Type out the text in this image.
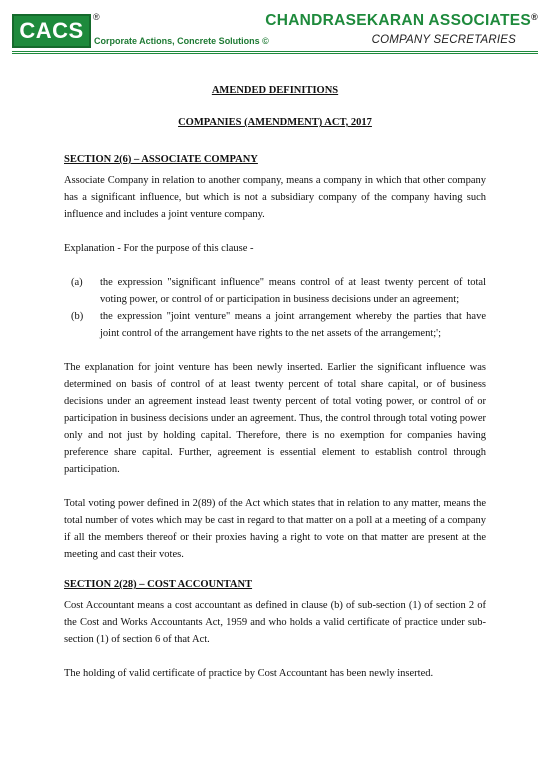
CACS
®
Corporate Actions, Concrete Solutions ©
CHANDRASEKARAN ASSOCIATES®
COMPANY SECRETARIES
AMENDED DEFINITIONS
COMPANIES (AMENDMENT) ACT, 2017
SECTION 2(6) – ASSOCIATE COMPANY

Associate Company in relation to another company, means a company in which that other company has a significant influence, but which is not a subsidiary company of the company having such influence and includes a joint venture company.

Explanation - For the purpose of this clause -

(a) the expression "significant influence" means control of at least twenty percent of total voting power, or control of or participation in business decisions under an agreement;
(b) the expression "joint venture" means a joint arrangement whereby the parties that have joint control of the arrangement have rights to the net assets of the arrangement;';

The explanation for joint venture has been newly inserted. Earlier the significant influence was determined on basis of control of at least twenty percent of total share capital, or of business decisions under an agreement instead least twenty percent of total voting power, or control of or participation in business decisions under an agreement. Thus, the control through total voting power only and not just by holding capital. Therefore, there is no exemption for companies having preference share capital. Further, agreement is essential element to establish control through participation.

Total voting power defined in 2(89) of the Act which states that in relation to any matter, means the total number of votes which may be cast in regard to that matter on a poll at a meeting of a company if all the members thereof or their proxies having a right to vote on that matter are present at the meeting and cast their votes.

SECTION 2(28) – COST ACCOUNTANT

Cost Accountant means a cost accountant as defined in clause (b) of sub-section (1) of section 2 of the Cost and Works Accountants Act, 1959 and who holds a valid certificate of practice under sub-section (1) of section 6 of that Act.

The holding of valid certificate of practice by Cost Accountant has been newly inserted.
